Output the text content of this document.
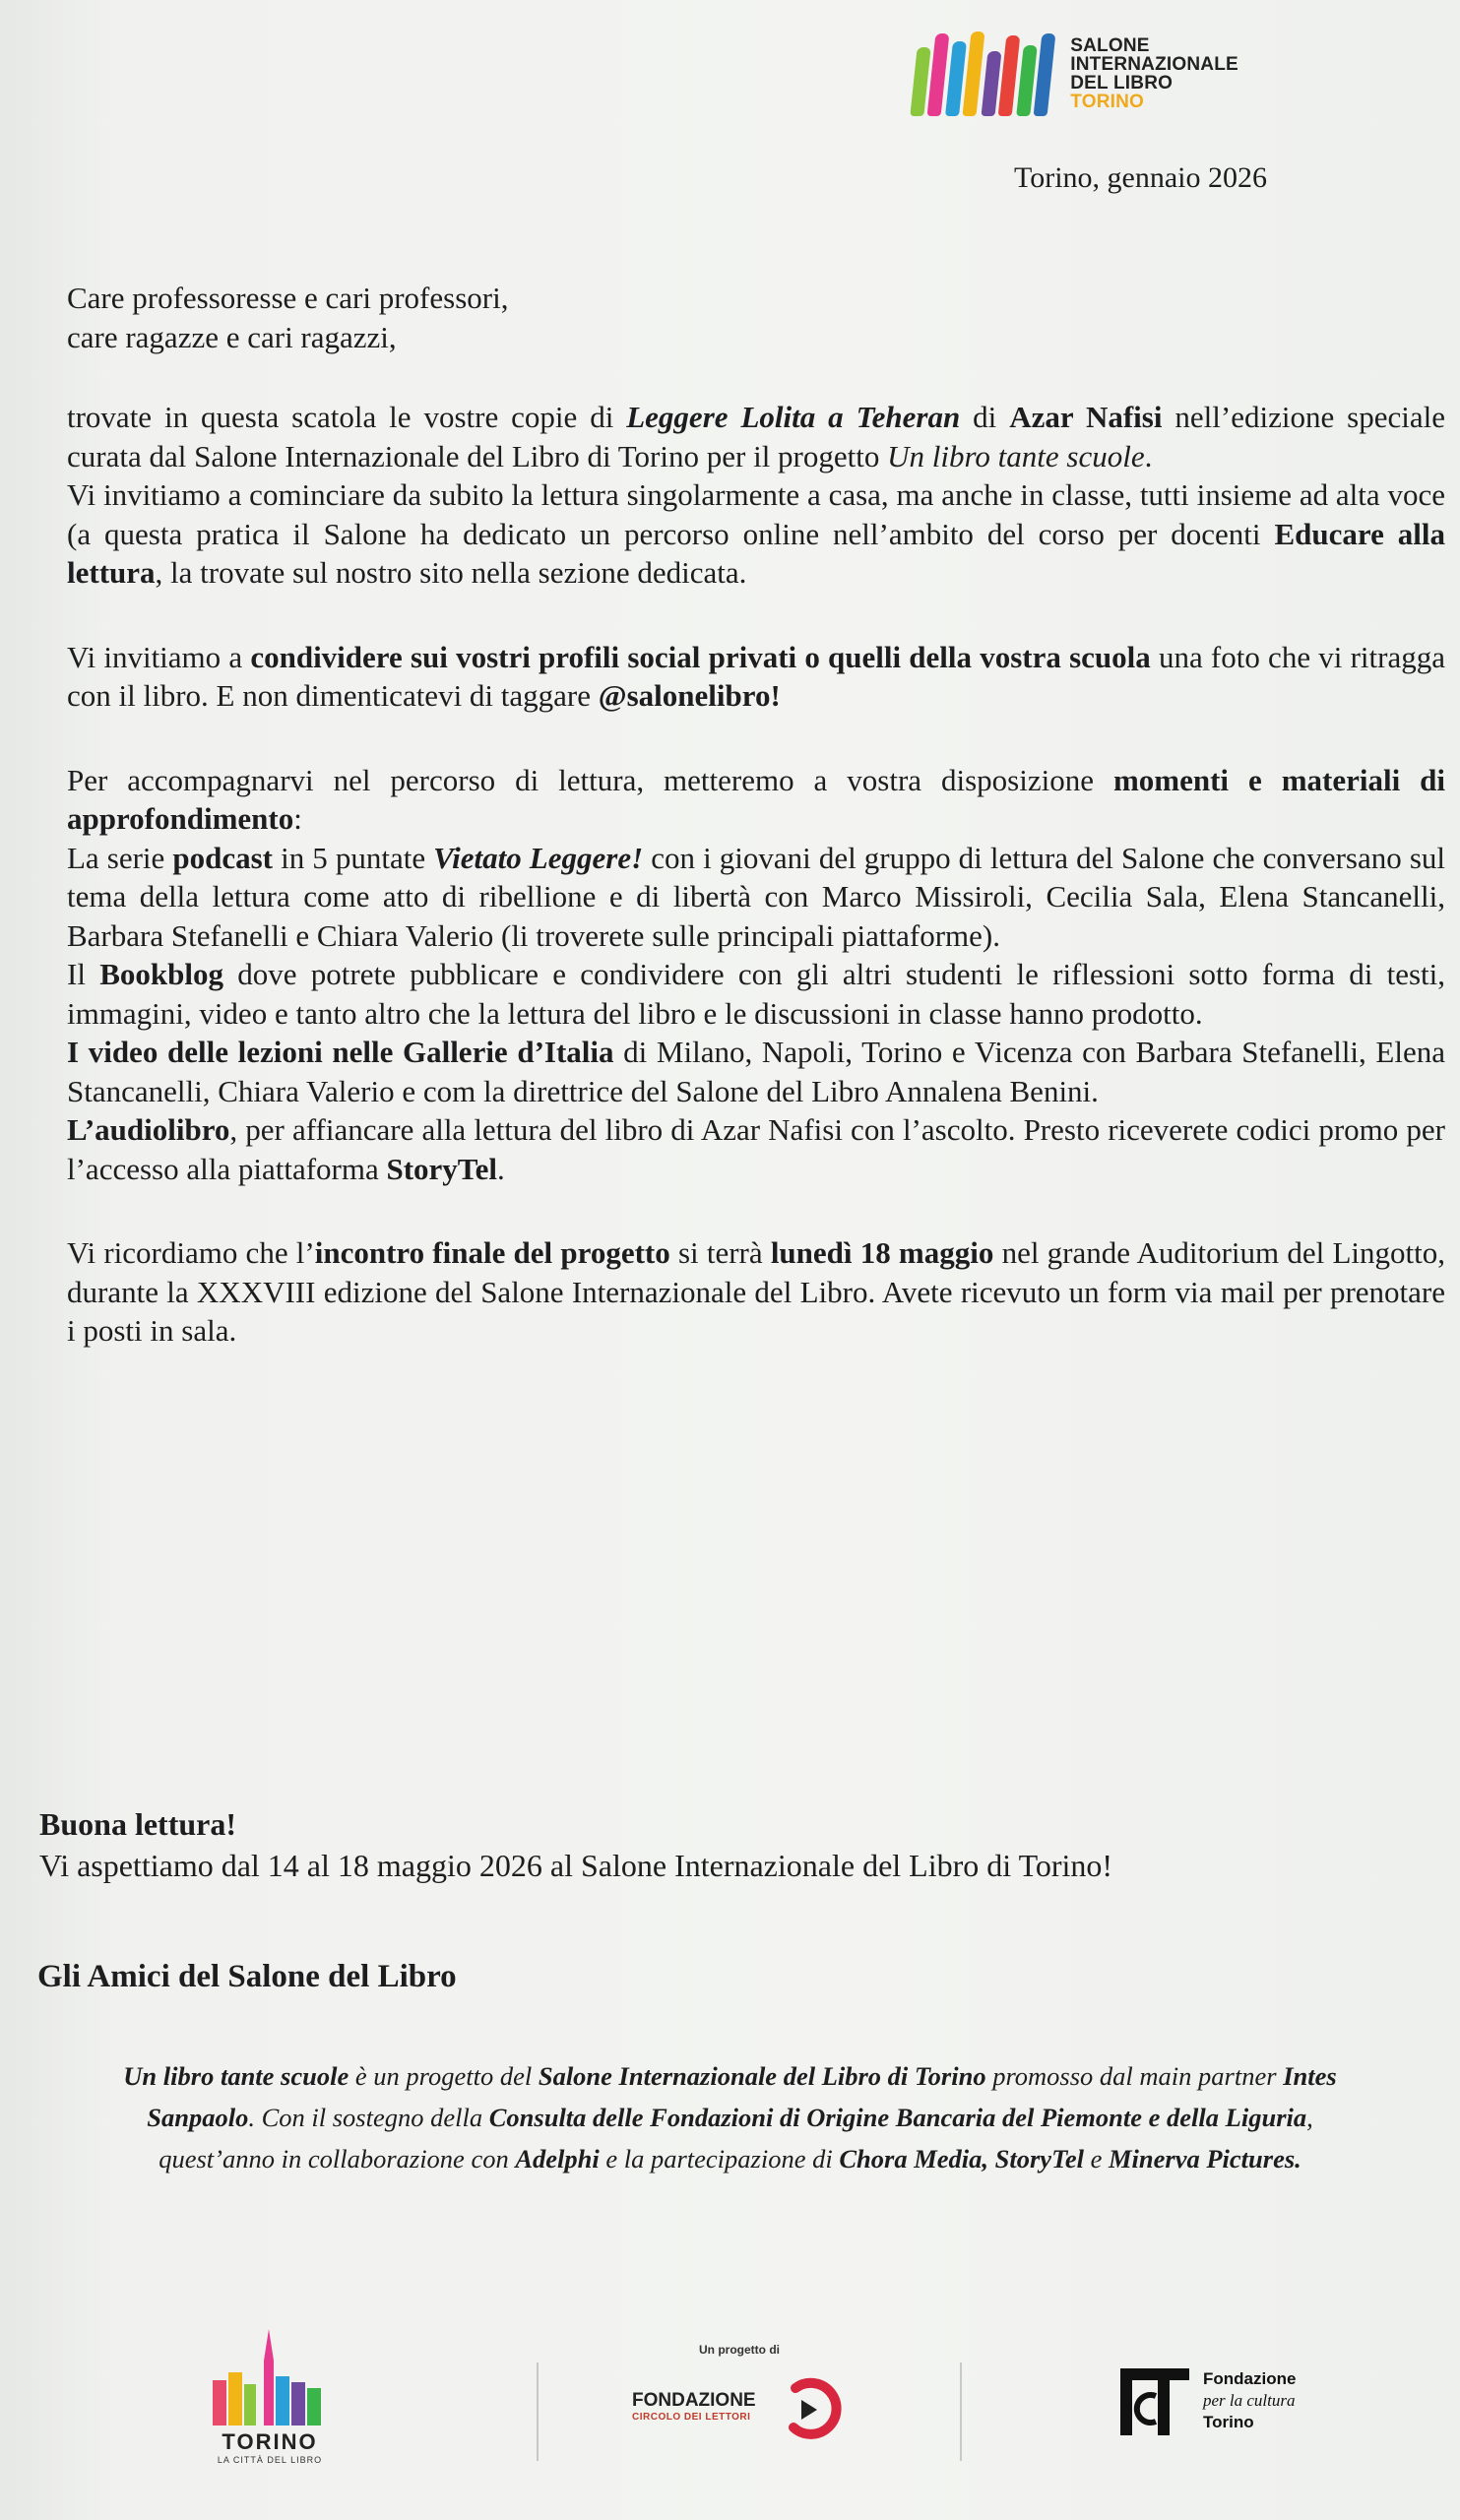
SALONE
INTERNAZIONALE
DEL LIBRO TORINO
Torino, gennaio 2026

Care professoresse e cari professori,

care ragazze e cari ragazzi,

trovate in questa scatola le vostre copie di Leggere Lolita a Teheran di Azar Nafisi nell’edizione speciale curata dal Salone Internazionale del Libro di Torino per il progetto Un libro tante scuole.

Vi invitiamo a cominciare da subito la lettura singolarmente a casa, ma anche in classe, tutti insieme ad alta voce (a questa pratica il Salone ha dedicato un percorso online nell’ambito del corso per docenti Educare alla lettura, la trovate sul nostro sito nella sezione dedicata.

Vi invitiamo a condividere sui vostri profili social privati o quelli della vostra scuola una foto che vi ritragga con il libro. E non dimenticatevi di taggare @salonelibro!

Per accompagnarvi nel percorso di lettura, metteremo a vostra disposizione momenti e materiali di approfondimento:

La serie podcast in 5 puntate Vietato Leggere! con i giovani del gruppo di lettura del Salone che conversano sul tema della lettura come atto di ribellione e di libertà con Marco Missiroli, Cecilia Sala, Elena Stancanelli, Barbara Stefanelli e Chiara Valerio (li troverete sulle principali piattaforme).

Il Bookblog dove potrete pubblicare e condividere con gli altri studenti le riflessioni sotto forma di testi, immagini, video e tanto altro che la lettura del libro e le discussioni in classe hanno prodotto.

I video delle lezioni nelle Gallerie d’Italia di Milano, Napoli, Torino e Vicenza con Barbara Stefanelli, Elena Stancanelli, Chiara Valerio e com la direttrice del Salone del Libro Annalena Benini.

L’audiolibro, per affiancare alla lettura del libro di Azar Nafisi con l’ascolto. Presto riceverete codici promo per l’accesso alla piattaforma StoryTel.

Vi ricordiamo che l’incontro finale del progetto si terrà lunedì 18 maggio nel grande Auditorium del Lingotto, durante la XXXVIII edizione del Salone Internazionale del Libro. Avete ricevuto un form via mail per prenotare i posti in sala.

Buona lettura!
Vi aspettiamo dal 14 al 18 maggio 2026 al Salone Internazionale del Libro di Torino!
Gli Amici del Salone del Libro
Un libro tante scuole è un progetto del Salone Internazionale del Libro di Torino promosso dal main partner Intes
Sanpaolo. Con il sostegno della Consulta delle Fondazioni di Origine Bancaria del Piemonte e della Liguria,
quest’anno in collaborazione con Adelphi e la partecipazione di Chora Media, StoryTel e Minerva Pictures.
TORINO
LA CITTÀ DEL LIBRO
Un progetto di
FONDAZIONE
CIRCOLO DEI LETTORI
Fondazione
per la cultura
Torino
